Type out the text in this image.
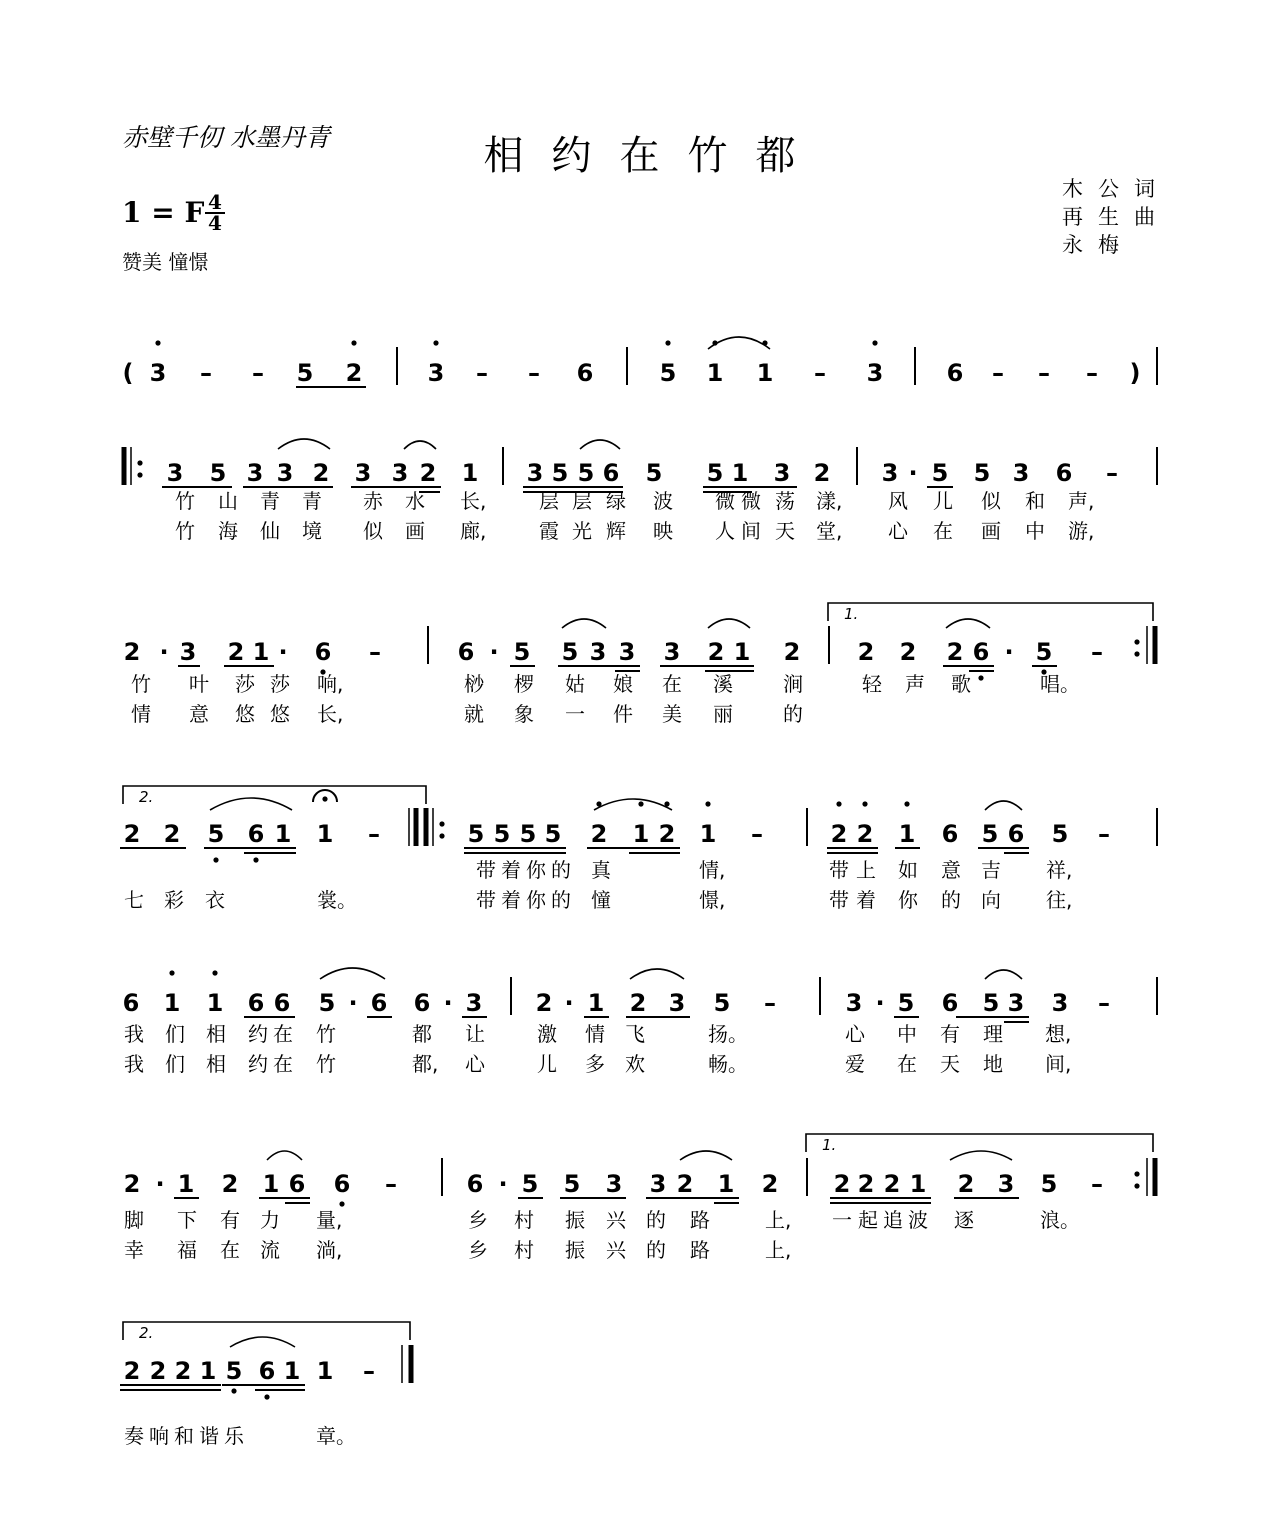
赤壁千仞 水墨丹青	相约在竹都
1 = F 4
4
赞美 憧憬
木公词
再生曲
永梅
( 3 – – 5 2	3 – – 6	5 1 1 – 3	6 – – – )
3 5 3 3 2 3 3 2 1 3 5 5 6 5 5 1 3 2 3 · 5 5 3 6 –
2 · 3 2 1 · 6 –	6 · 5 5 3 3 3 2 1 2 2 2 2 6 · 5 –
2 2 5 6 1 1 –	5 5 5 5 2 1 2 1 –	2 2 1 6 5 6 5 –
6 1 1 6 6 5 · 6 6 · 3 2 · 1 2 3 5 –	3 · 5 6 5 3 3 –
2 · 1 2 1 6 6 –	6 · 5 5 3 3 2 1 2 2 2 2 1 2 3 5 –
2 2 2 1 5 6 1 1 –
1.
2.
1.
2.
竹 山 青 青 赤 水 长,	层 层 绿 波 微 微 荡 漾, 风 儿 似 和 声,
竹 海 仙 境 似 画 廊,	霞 光 辉 映 人 间 天 堂, 心 在 画 中 游,
竹 叶 莎 莎 响,	桫 椤 姑 娘 在 溪	涧	轻 声 歌	唱。
情 意 悠 悠 长,	就 象 一 件 美 丽	的
带 着 你 的 真	情,	带 上 如 意 吉 祥,
七 彩 衣	裳。	带 着 你 的 憧	憬,	带 着 你 的 向 往,
我 们 相 约 在 竹	都 让	激 情 飞	扬。	心 中 有 理 想,
我 们 相 约 在 竹	都, 心	儿 多 欢	畅。	爱 在 天 地 间,
脚 下 有 力 量,	乡 村 振 兴 的 路	上, 一 起 追 波 逐	浪。
幸 福 在 流 淌,	乡 村 振 兴 的 路	上,
奏 响 和 谐 乐	章。
